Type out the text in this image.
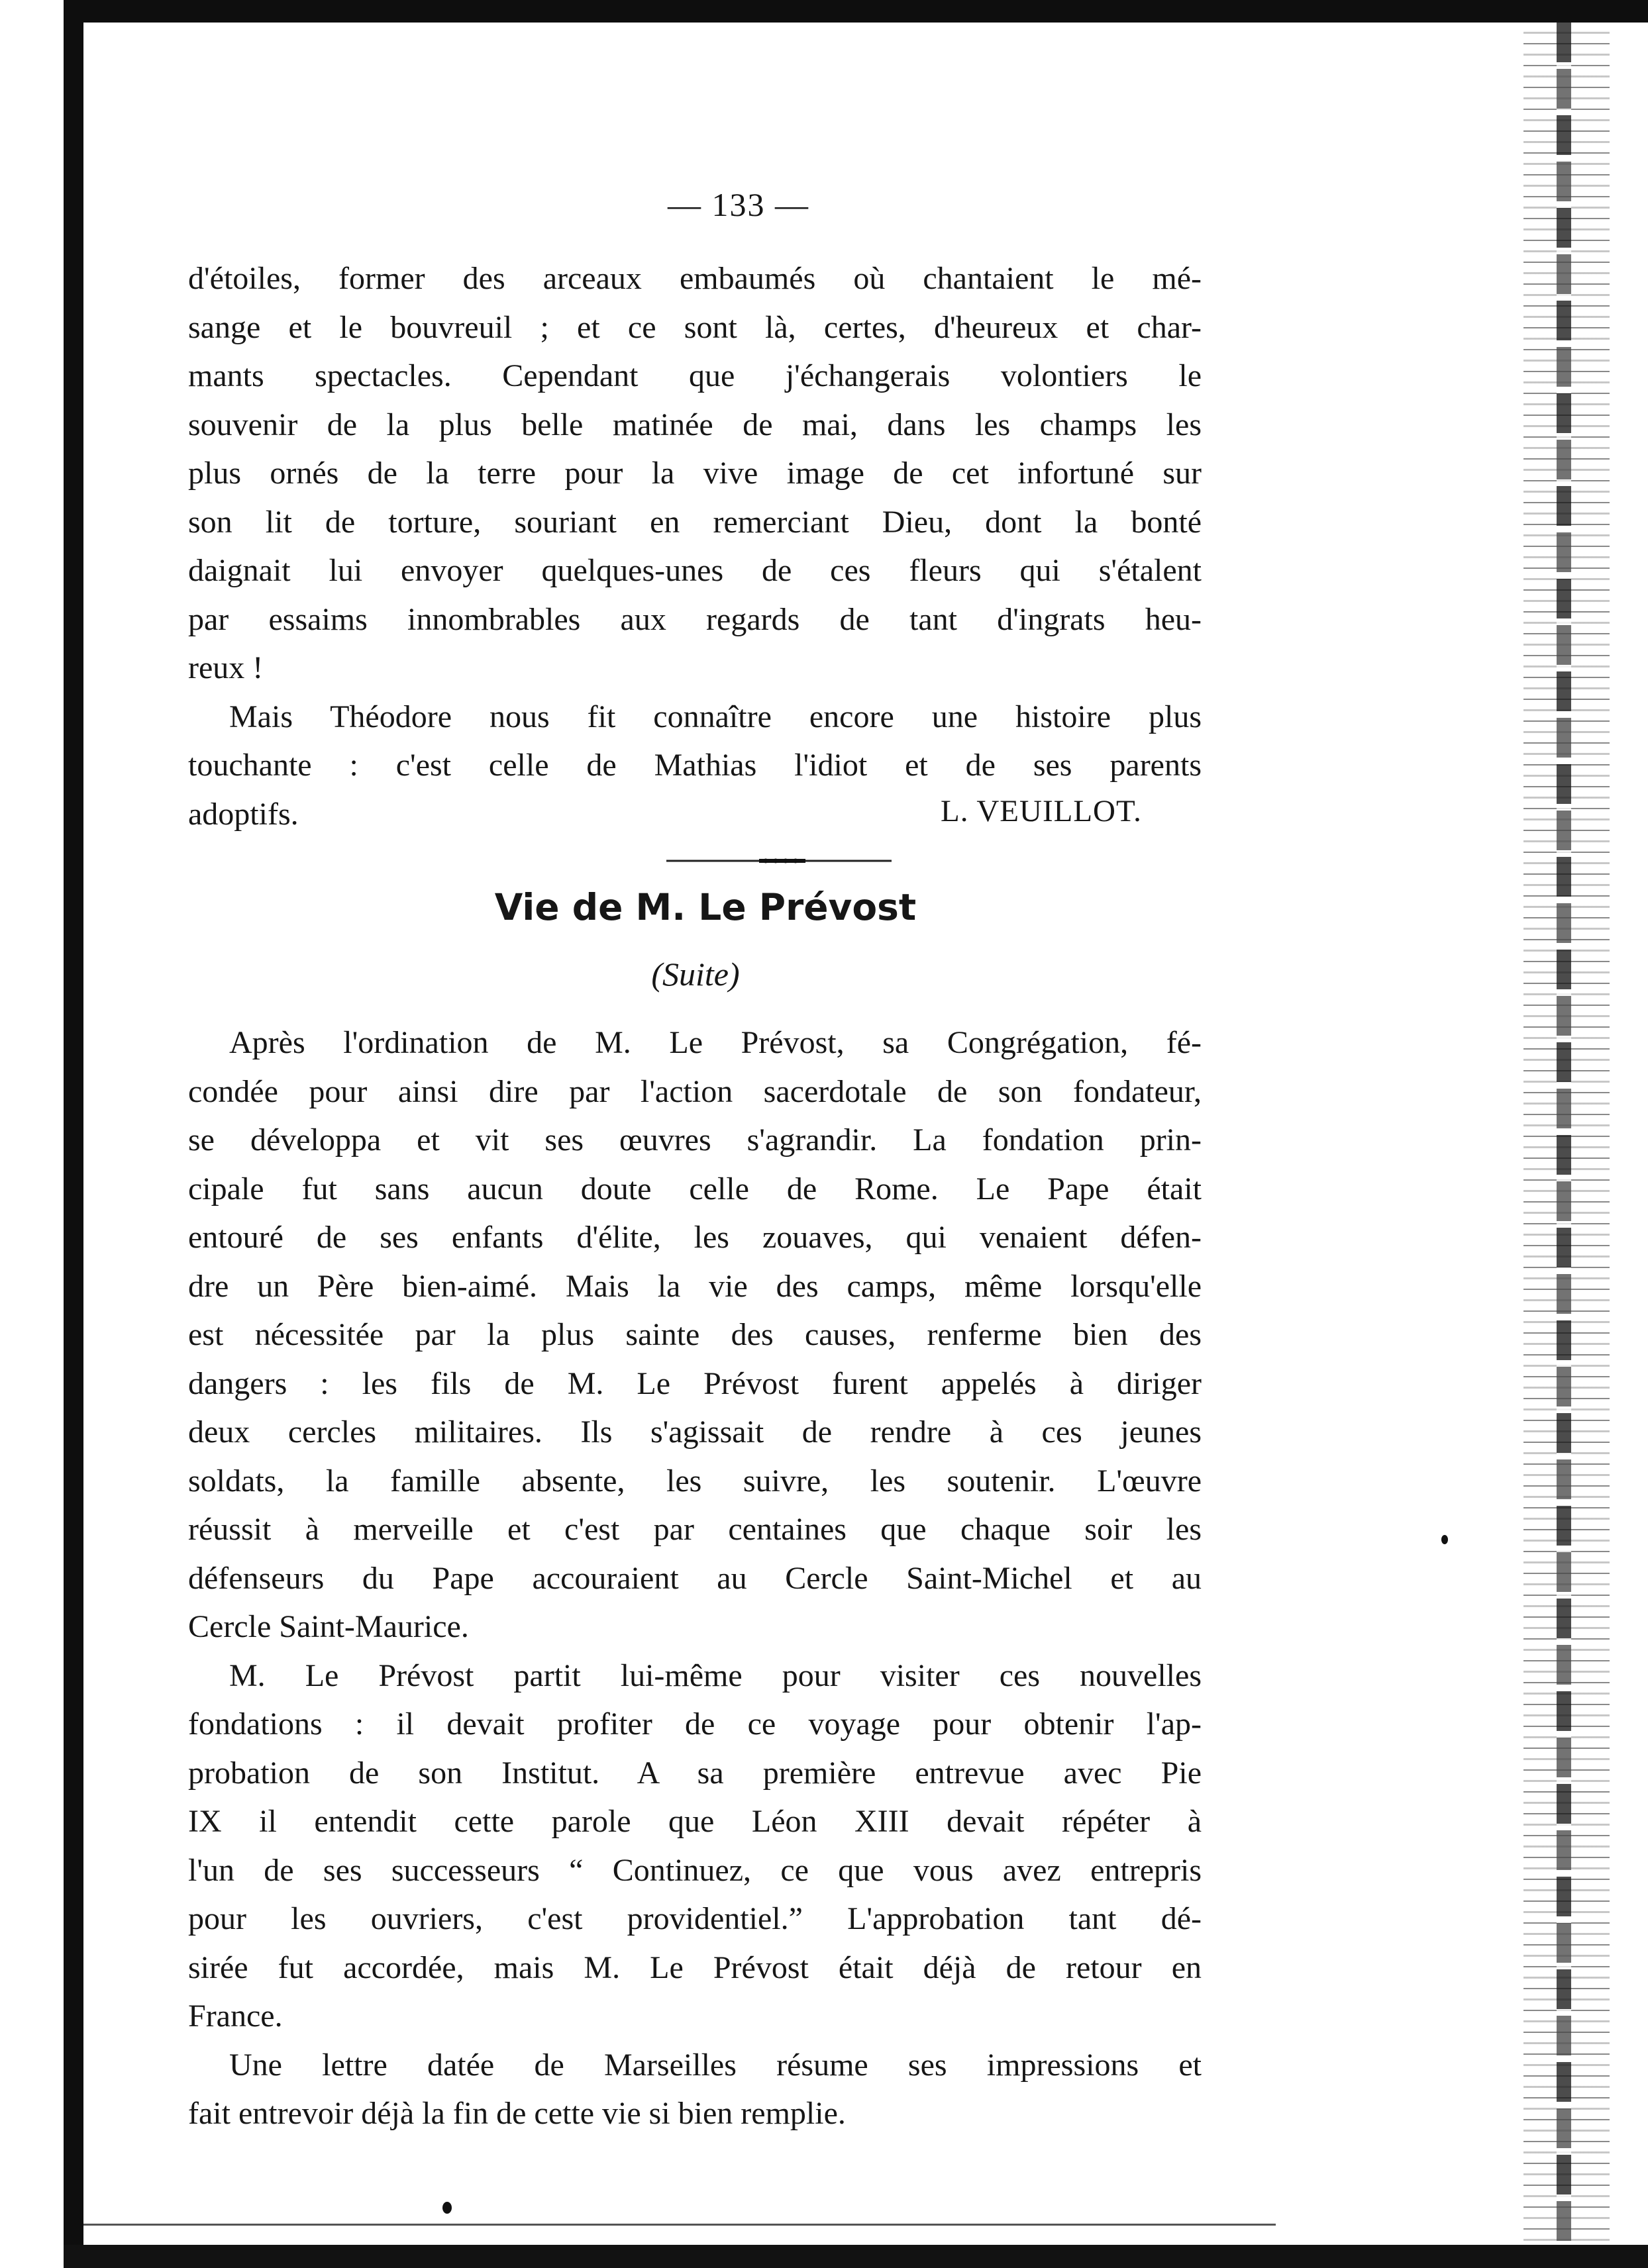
— 133 —
d'étoiles, former des arceaux embaumés où chantaient le mé-
sange et le bouvreuil ; et ce sont là, certes, d'heureux et char-
mants spectacles. Cependant que j'échangerais volontiers le
souvenir de la plus belle matinée de mai, dans les champs les
plus ornés de la terre pour la vive image de cet infortuné sur
son lit de torture, souriant en remerciant Dieu, dont la bonté
daignait lui envoyer quelques-unes de ces fleurs qui s'étalent
par essaims innombrables aux regards de tant d'ingrats heu-
reux !
Mais Théodore nous fit connaître encore une histoire plus
touchante : c'est celle de Mathias l'idiot et de ses parents
adoptifs.	L. VEUILLOT.
Vie de M. Le Prévost
(Suite)
Après l'ordination de M. Le Prévost, sa Congrégation, fé-
condée pour ainsi dire par l'action sacerdotale de son fondateur,
se développa et vit ses œuvres s'agrandir. La fondation prin-
cipale fut sans aucun doute celle de Rome. Le Pape était
entouré de ses enfants d'élite, les zouaves, qui venaient défen-
dre un Père bien-aimé. Mais la vie des camps, même lorsqu'elle
est nécessitée par la plus sainte des causes, renferme bien des
dangers : les fils de M. Le Prévost furent appelés à diriger
deux cercles militaires. Ils s'agissait de rendre à ces jeunes
soldats, la famille absente, les suivre, les soutenir. L'œuvre
réussit à merveille et c'est par centaines que chaque soir les
défenseurs du Pape accouraient au Cercle Saint-Michel et au
Cercle Saint-Maurice.
M. Le Prévost partit lui-même pour visiter ces nouvelles
fondations : il devait profiter de ce voyage pour obtenir l'ap-
probation de son Institut. A sa première entrevue avec Pie
IX il entendit cette parole que Léon XIII devait répéter à
l'un de ses successeurs “ Continuez, ce que vous avez entrepris
pour les ouvriers, c'est providentiel.” L'approbation tant dé-
sirée fut accordée, mais M. Le Prévost était déjà de retour en
France.
Une lettre datée de Marseilles résume ses impressions et
fait entrevoir déjà la fin de cette vie si bien remplie.
